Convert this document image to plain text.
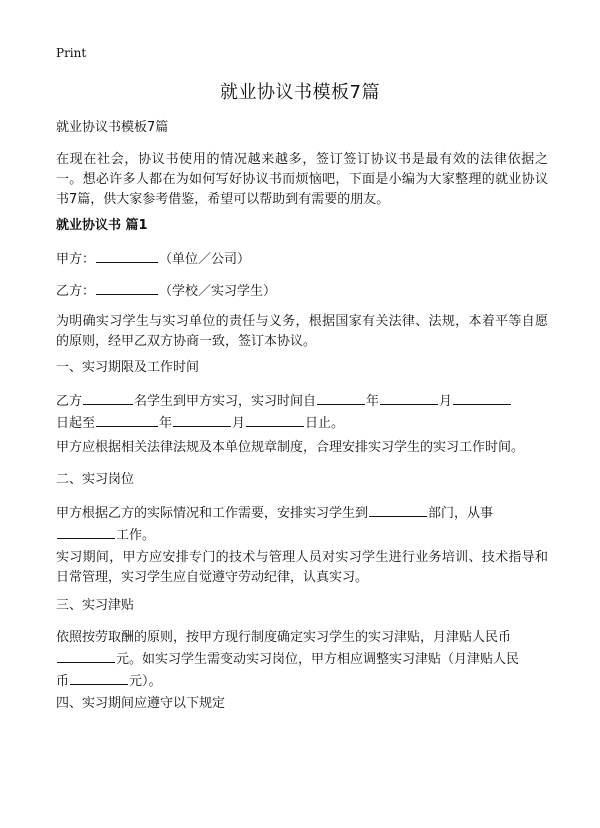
Print
就业协议书模板7篇

就业协议书模板7篇

在现在社会，协议书使用的情况越来越多，签订签订协议书是最有效的法律依据之一。想必许多人都在为如何写好协议书而烦恼吧，下面是小编为大家整理的就业协议书7篇，供大家参考借鉴，希望可以帮助到有需要的朋友。

就业协议书 篇1

甲方：	（单位／公司）

乙方：	（学校／实习学生）

为明确实习学生与实习单位的责任与义务，根据国家有关法律、法规，本着平等自愿的原则，经甲乙双方协商一致，签订本协议。

一、实习期限及工作时间

乙方	名学生到甲方实习，实习时间自	年	月
日起至	年	月	日止。

甲方应根据相关法律法规及本单位规章制度，合理安排实习学生的实习工作时间。

二、实习岗位

甲方根据乙方的实际情况和工作需要，安排实习学生到	部门，从事
工作。

实习期间，甲方应安排专门的技术与管理人员对实习学生进行业务培训、技术指导和日常管理，实习学生应自觉遵守劳动纪律，认真实习。

三、实习津贴

依照按劳取酬的原则，按甲方现行制度确定实习学生的实习津贴，月津贴人民币
元。如实习学生需变动实习岗位，甲方相应调整实习津贴（月津贴人民
币	元）。

四、实习期间应遵守以下规定
